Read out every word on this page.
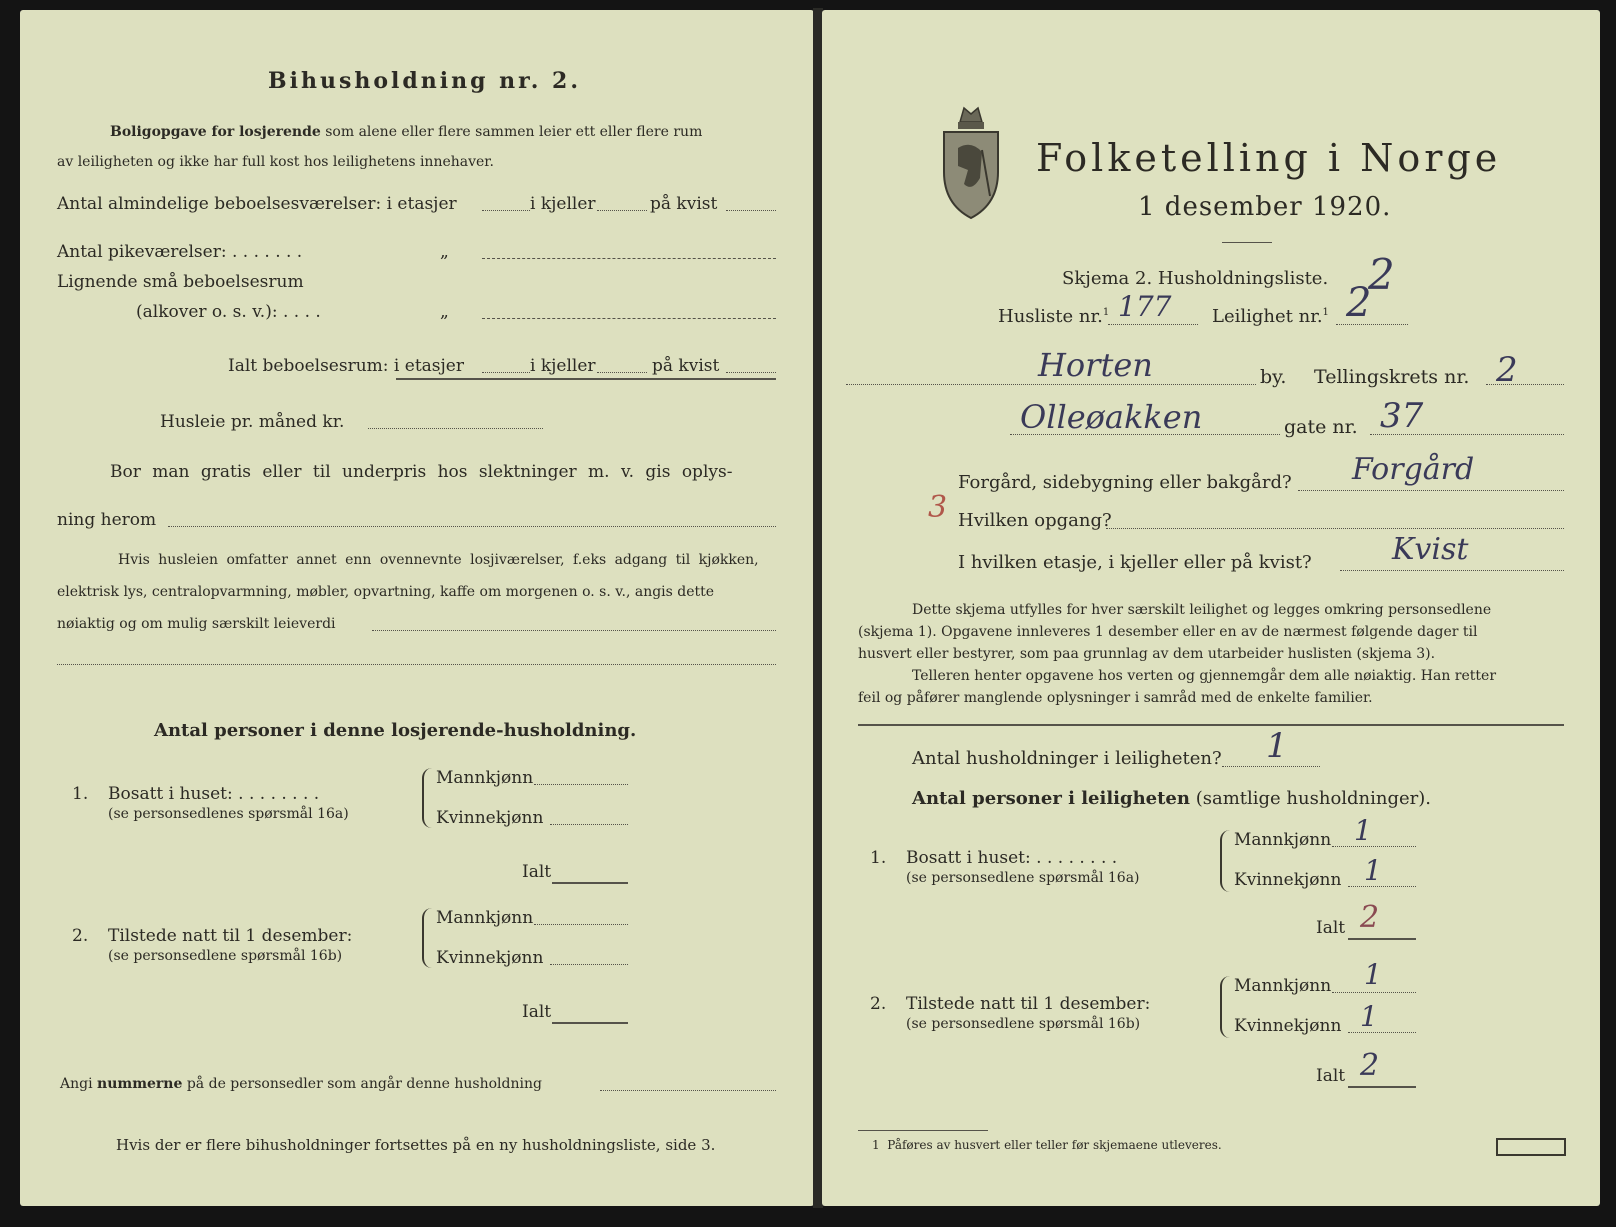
Bihusholdning nr. 2.
Boligopgave for losjerende som alene eller flere sammen leier ett eller flere rum
av leiligheten og ikke har full kost hos leilighetens innehaver.
Antal almindelige beboelsesværelser: i etasjer	i kjeller	på kvist
Antal pikeværelser: . . . . . . .	„
Lignende små beboelsesrum
(alkover o. s. v.): . . . .	„
Ialt beboelsesrum: i etasjer	i kjeller	på kvist
Husleie pr. måned kr.
Bor man gratis eller til underpris hos slektninger m. v. gis oplys-
ning herom
Hvis husleien omfatter annet enn ovennevnte losjiværelser, f.eks adgang til kjøkken,
elektrisk lys, centralopvarmning, møbler, opvartning, kaffe om morgenen o. s. v., angis dette
nøiaktig og om mulig særskilt leieverdi
Antal personer i denne losjerende-husholdning.
1. Bosatt i huset: . . . . . . . .
(se personsedlenes spørsmål 16a)
Mannkjønn
Kvinnekjønn
Ialt
2. Tilstede natt til 1 desember:
(se personsedlene spørsmål 16b)
Mannkjønn
Kvinnekjønn
Ialt
Angi nummerne på de personsedler som angår denne husholdning
Hvis der er flere bihusholdninger fortsettes på en ny husholdningsliste, side 3.
Folketelling i Norge
1 desember 1920.
Skjema 2. Husholdningsliste. 2
Husliste nr.$^1$ 177 Leilighet nr.$^1$ 2
Horten	by. Tellingskrets nr. 2
Olleøakken	gate nr. 37
Forgård, sidebygning eller bakgård? Forgård
3 Hvilken opgang?
I hvilken etasje, i kjeller eller på kvist?	Kvist
Dette skjema utfylles for hver særskilt leilighet og legges omkring personsedlene
(skjema 1). Opgavene innleveres 1 desember eller en av de nærmest følgende dager til
husvert eller bestyrer, som paa grunnlag av dem utarbeider huslisten (skjema 3).
Telleren henter opgavene hos verten og gjennemgår dem alle nøiaktig. Han retter
feil og påfører manglende oplysninger i samråd med de enkelte familier.
Antal husholdninger i leiligheten? 1
Antal personer i leiligheten (samtlige husholdninger).
1. Bosatt i huset: . . . . . . . .
(se personsedlene spørsmål 16a)
Mannkjønn 1
Kvinnekjønn 1
Ialt 2
2. Tilstede natt til 1 desember:
(se personsedlene spørsmål 16b)
Mannkjønn 1
Kvinnekjønn 1
Ialt 2
1 Påføres av husvert eller teller før skjemaene utleveres.
